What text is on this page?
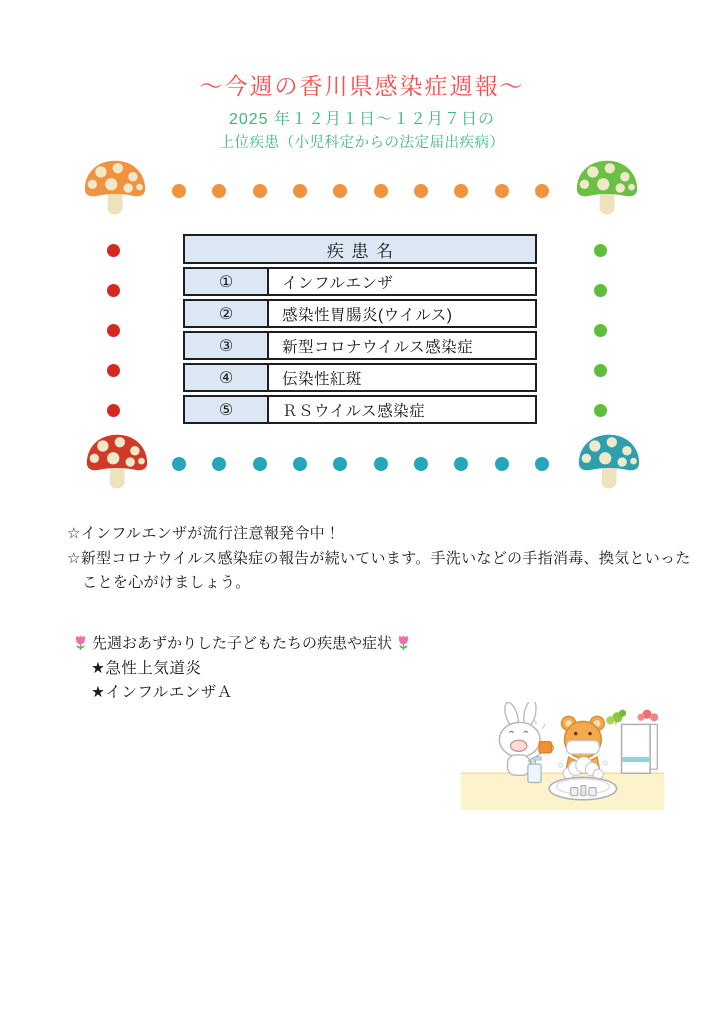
～今週の香川県感染症週報～
2025 年１２月１日～１２月７日の
上位疾患（小児科定からの法定届出疾病）
疾患名
①	インフルエンザ
②	感染性胃腸炎(ウイルス)
③	新型コロナウイルス感染症
④	伝染性紅斑
⑤	ＲＳウイルス感染症
☆インフルエンザが流行注意報発令中！
☆新型コロナウイルス感染症の報告が続いています。手洗いなどの手指消毒、換気といった
　ことを心がけましょう。
先週おあずかりした子どもたちの疾患や症状
★急性上気道炎
★インフルエンザＡ
